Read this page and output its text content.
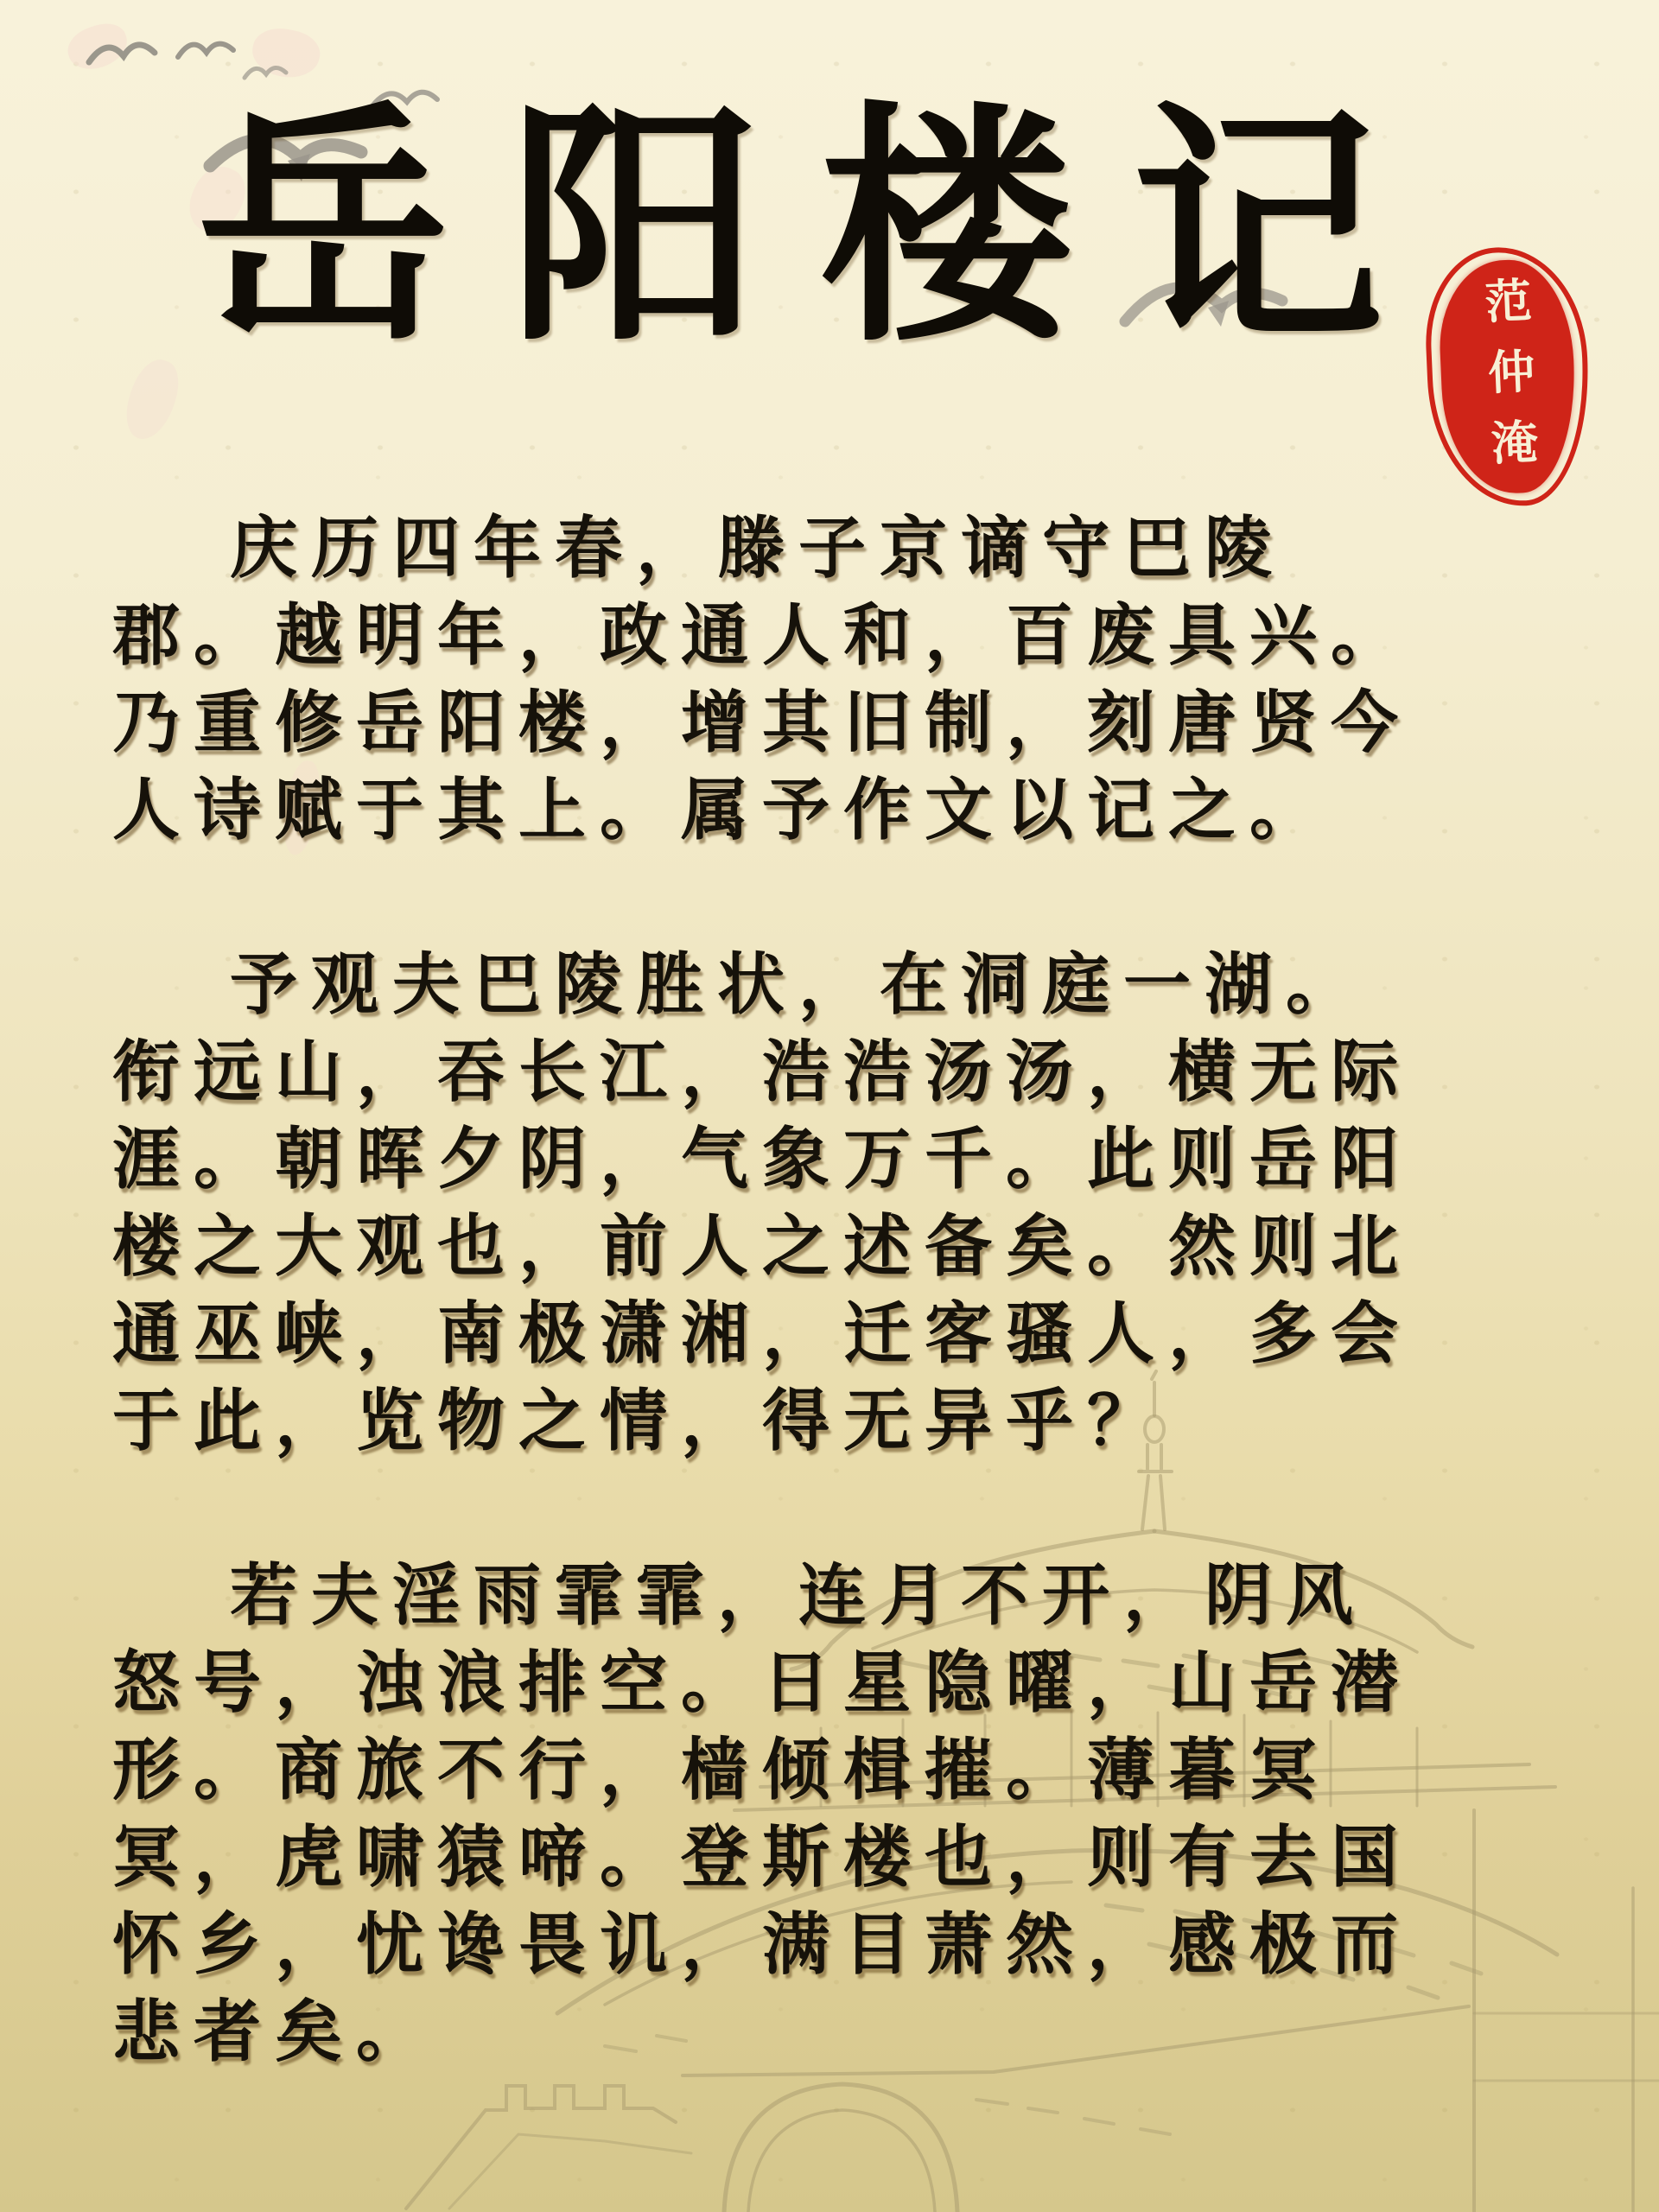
岳阳楼记
范仲淹

庆历四年春，滕子京谪守巴陵
郡。越明年，政通人和，百废具兴。
乃重修岳阳楼，增其旧制，刻唐贤今
人诗赋于其上。属予作文以记之。

予观夫巴陵胜状，在洞庭一湖。
衔远山，吞长江，浩浩汤汤，横无际
涯。朝晖夕阴，气象万千。此则岳阳
楼之大观也，前人之述备矣。然则北
通巫峡，南极潇湘，迁客骚人，多会
于此，览物之情，得无异乎？

若夫淫雨霏霏，连月不开，阴风
怒号，浊浪排空。日星隐曜，山岳潜
形。商旅不行，樯倾楫摧。薄暮冥
冥，虎啸猿啼。登斯楼也，则有去国
怀乡，忧谗畏讥，满目萧然，感极而
悲者矣。
